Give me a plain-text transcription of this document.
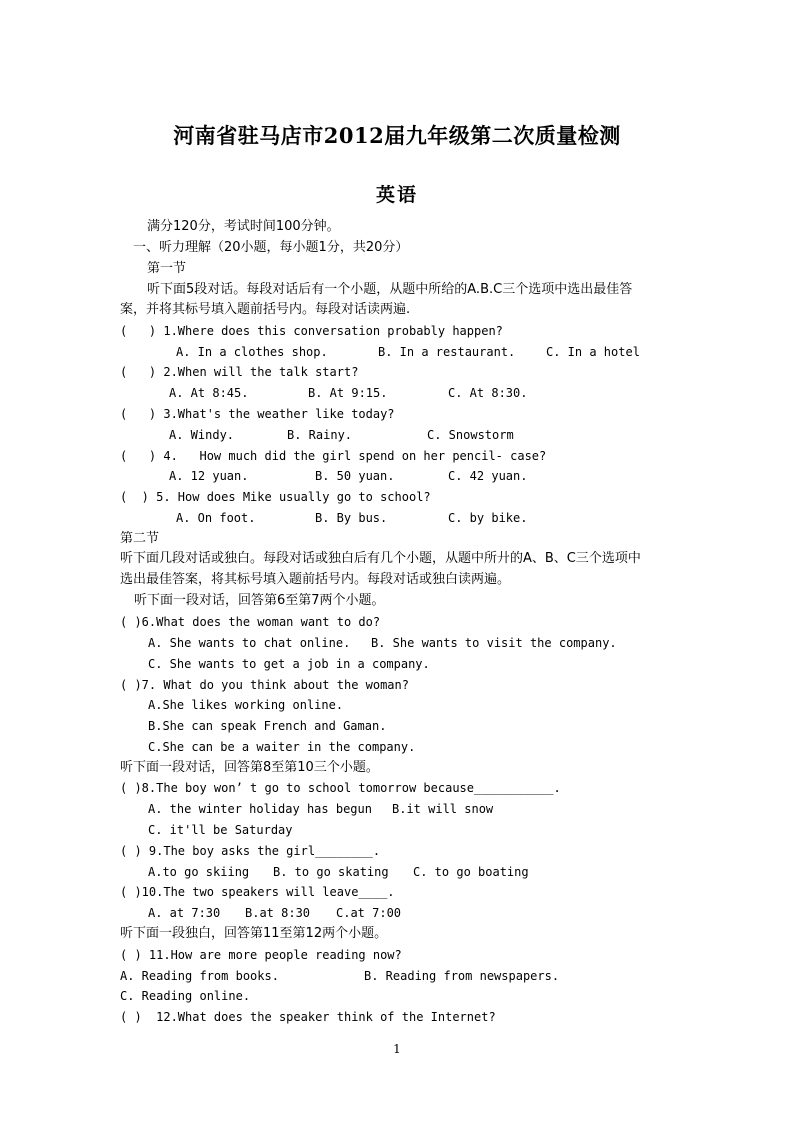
河南省驻马店市2012届九年级第二次质量检测
英语
满分120分，考试时间100分钟。
一、听力理解（20小题，每小题1分，共20分）
第一节
听下面5段对话。每段对话后有一个小题，从题中所给的A.B.C三个选项中选出最佳答
案，并将其标号填入题前括号内。每段对话读两遍.
(   ) 1.Where does this conversation probably happen?
A. In a clothes shop.	B. In a restaurant.	C. In a hotel
(   ) 2.When will the talk start?
A. At 8:45.	B. At 9:15.	C. At 8:30.
(   ) 3.What's the weather like today?
A. Windy.	B. Rainy.	C. Snowstorm
(   ) 4.   How much did the girl spend on her pencil- case?
A. 12 yuan.	B. 50 yuan.	C. 42 yuan.
(  ) 5. How does Mike usually go to school?
A. On foot.	B. By bus.	C. by bike.
第二节
听下面几段对话或独白。每段对话或独白后有几个小题，从题中所廾的A、B、C三个选项中
选出最佳答案，将其标号填入题前括号内。每段对话或独白读两遍。
听下面一段对话，回答第6至第7两个小题。
( )6.What does the woman want to do?
A. She wants to chat online. B. She wants to visit the company.
C. She wants to get a job in a company.
( )7. What do you think about the woman?
A.She likes working online.
B.She can speak French and Gaman.
C.She can be a waiter in the company.
听下面一段对话，回答第8至第10三个小题。
( )8.The boy won’ t go to school tomorrow because___________.
A. the winter holiday has begun B.it will snow
C. it'll be Saturday
( ) 9.The boy asks the girl________.
A.to go skiing B. to go skating C. to go boating
( )10.The two speakers will leave____.
A. at 7:30 B.at 8:30 C.at 7:00
听下面一段独白，回答第11至第12两个小题。
( ) 11.How are more people reading now?
A. Reading from books.	B. Reading from newspapers.
C. Reading online.
( )  12.What does the speaker think of the Internet?
1
